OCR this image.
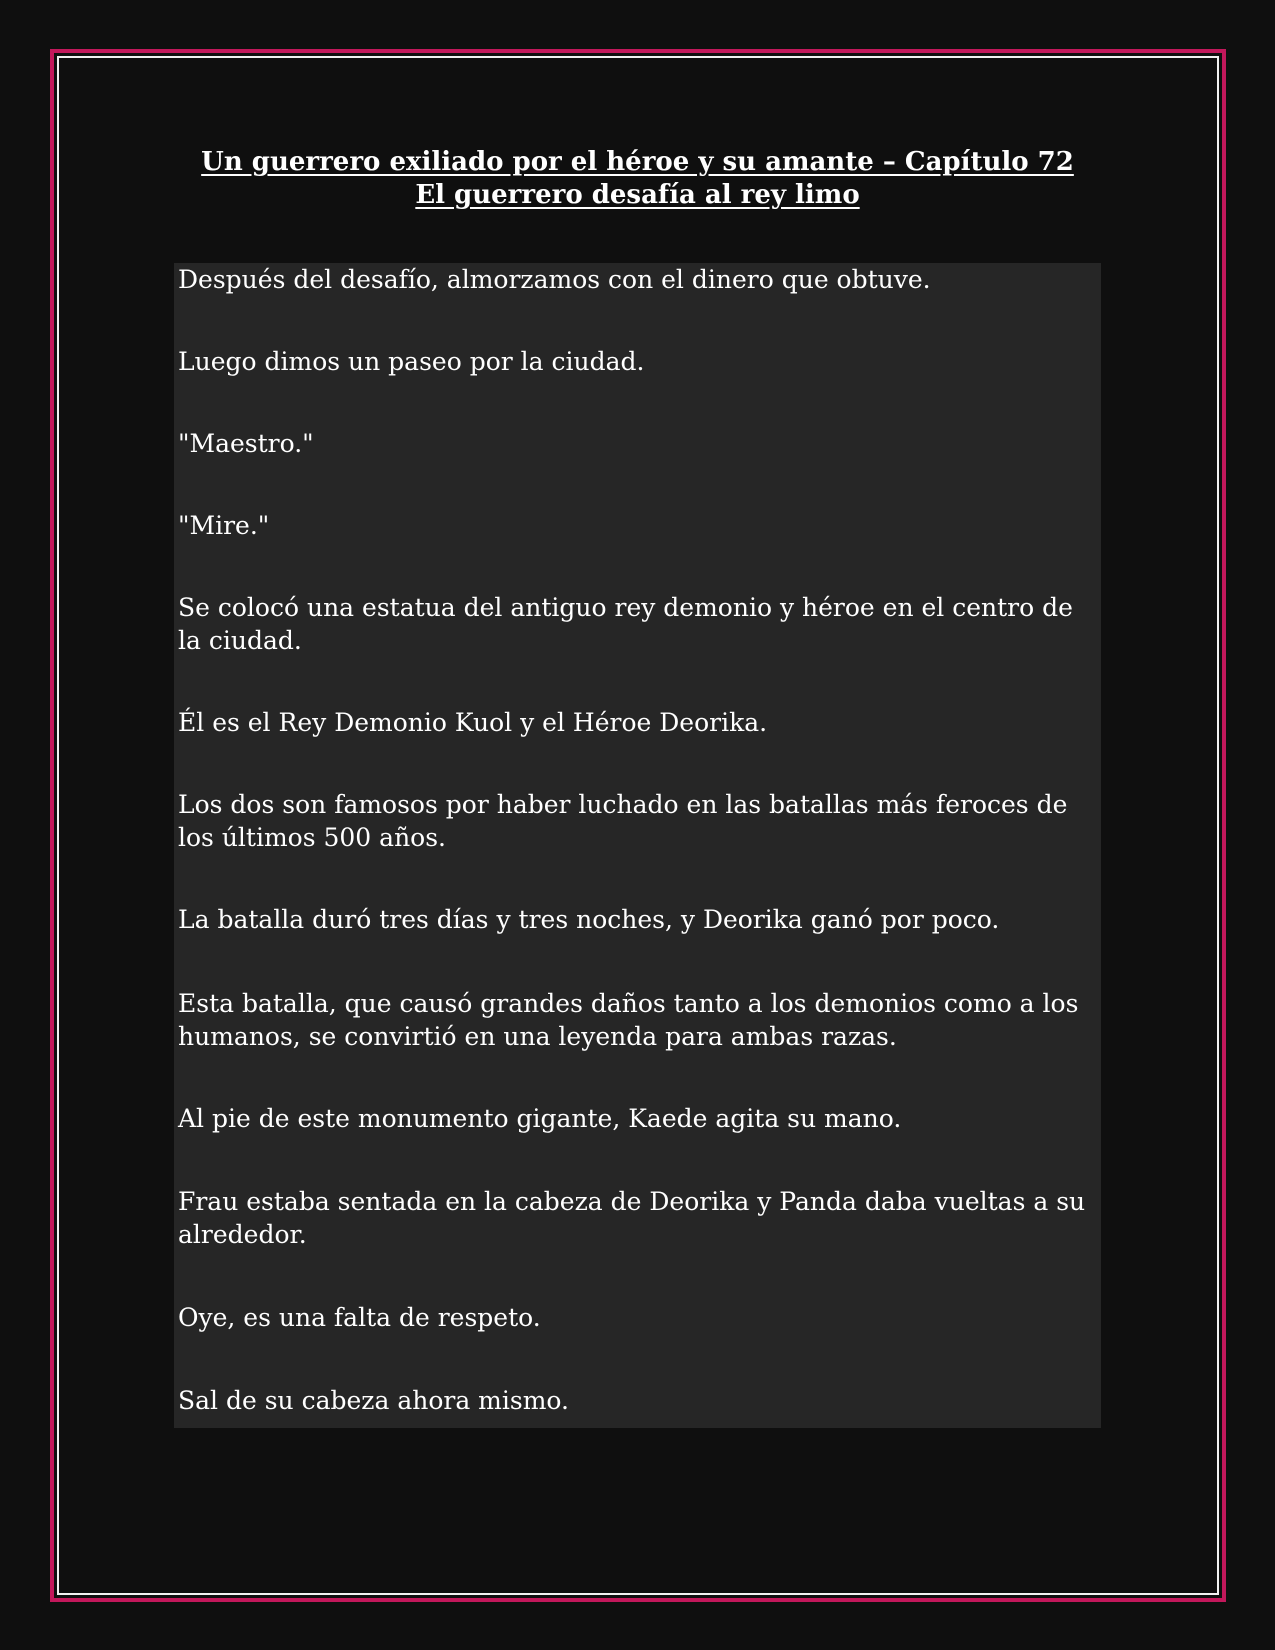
Un guerrero exiliado por el héroe y su amante – Capítulo 72
El guerrero desafía al rey limo

Después del desafío, almorzamos con el dinero que obtuve.

Luego dimos un paseo por la ciudad.

"Maestro."

"Mire."

Se colocó una estatua del antiguo rey demonio y héroe en el centro de la ciudad.

Él es el Rey Demonio Kuol y el Héroe Deorika.

Los dos son famosos por haber luchado en las batallas más feroces de los últimos 500 años.

La batalla duró tres días y tres noches, y Deorika ganó por poco.

Esta batalla, que causó grandes daños tanto a los demonios como a los humanos, se convirtió en una leyenda para ambas razas.

Al pie de este monumento gigante, Kaede agita su mano.

Frau estaba sentada en la cabeza de Deorika y Panda daba vueltas a su alrededor.

Oye, es una falta de respeto.

Sal de su cabeza ahora mismo.
